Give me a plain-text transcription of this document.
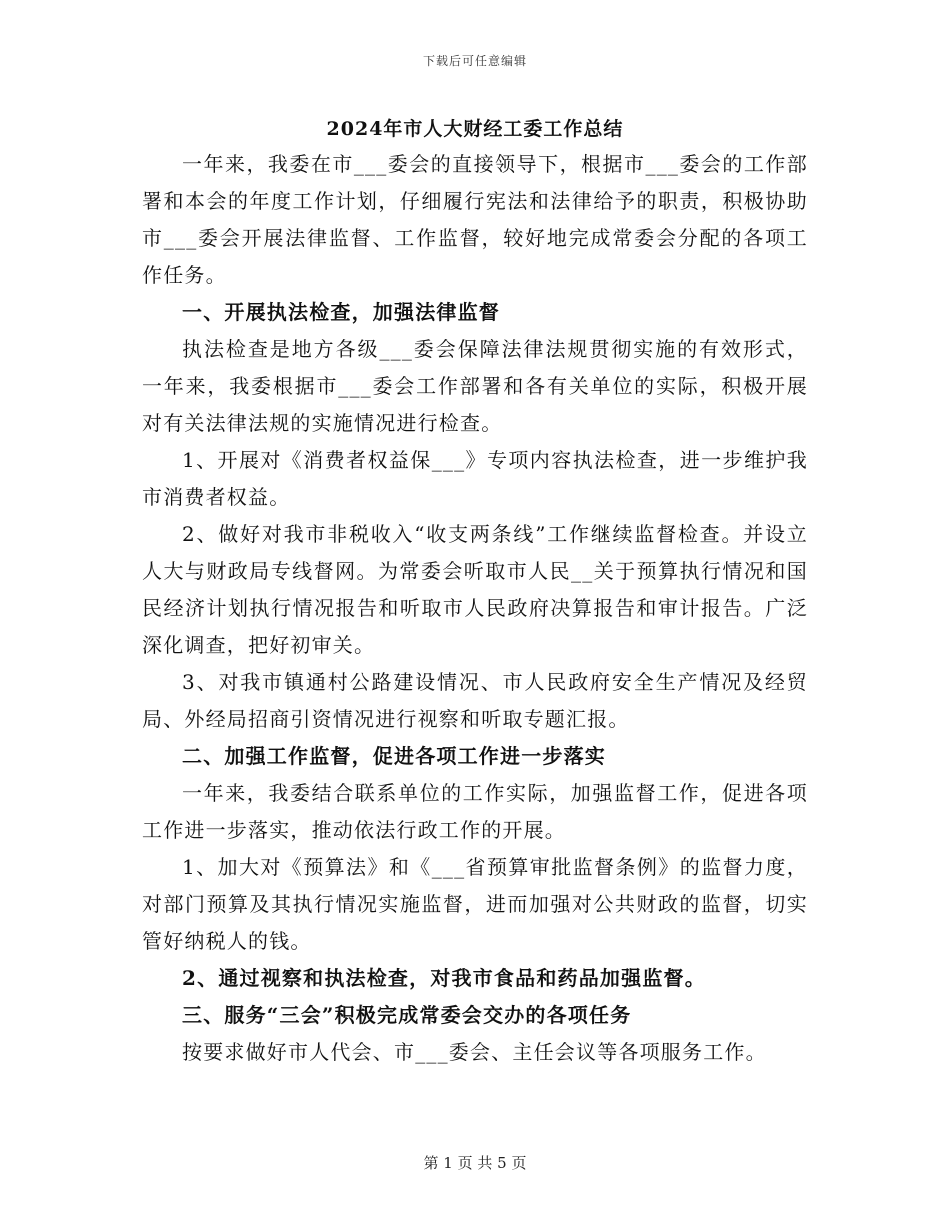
下载后可任意编辑
2024年市人大财经工委工作总结

一年来，我委在市___委会的直接领导下，根据市___委会的工作部署和本会的年度工作计划，仔细履行宪法和法律给予的职责，积极协助市___委会开展法律监督、工作监督，较好地完成常委会分配的各项工作任务。

一、开展执法检查，加强法律监督

执法检查是地方各级___委会保障法律法规贯彻实施的有效形式，一年来，我委根据市___委会工作部署和各有关单位的实际，积极开展对有关法律法规的实施情况进行检查。

1、开展对《消费者权益保___》专项内容执法检查，进一步维护我市消费者权益。

2、做好对我市非税收入“收支两条线”工作继续监督检查。并设立人大与财政局专线督网。为常委会听取市人民__关于预算执行情况和国民经济计划执行情况报告和听取市人民政府决算报告和审计报告。广泛深化调查，把好初审关。

3、对我市镇通村公路建设情况、市人民政府安全生产情况及经贸局、外经局招商引资情况进行视察和听取专题汇报。

二、加强工作监督，促进各项工作进一步落实

一年来，我委结合联系单位的工作实际，加强监督工作，促进各项工作进一步落实，推动依法行政工作的开展。

1、加大对《预算法》和《___省预算审批监督条例》的监督力度，对部门预算及其执行情况实施监督，进而加强对公共财政的监督，切实管好纳税人的钱。

2、通过视察和执法检查，对我市食品和药品加强监督。

三、服务“三会”积极完成常委会交办的各项任务

按要求做好市人代会、市___委会、主任会议等各项服务工作。

第 1 页 共 5 页
